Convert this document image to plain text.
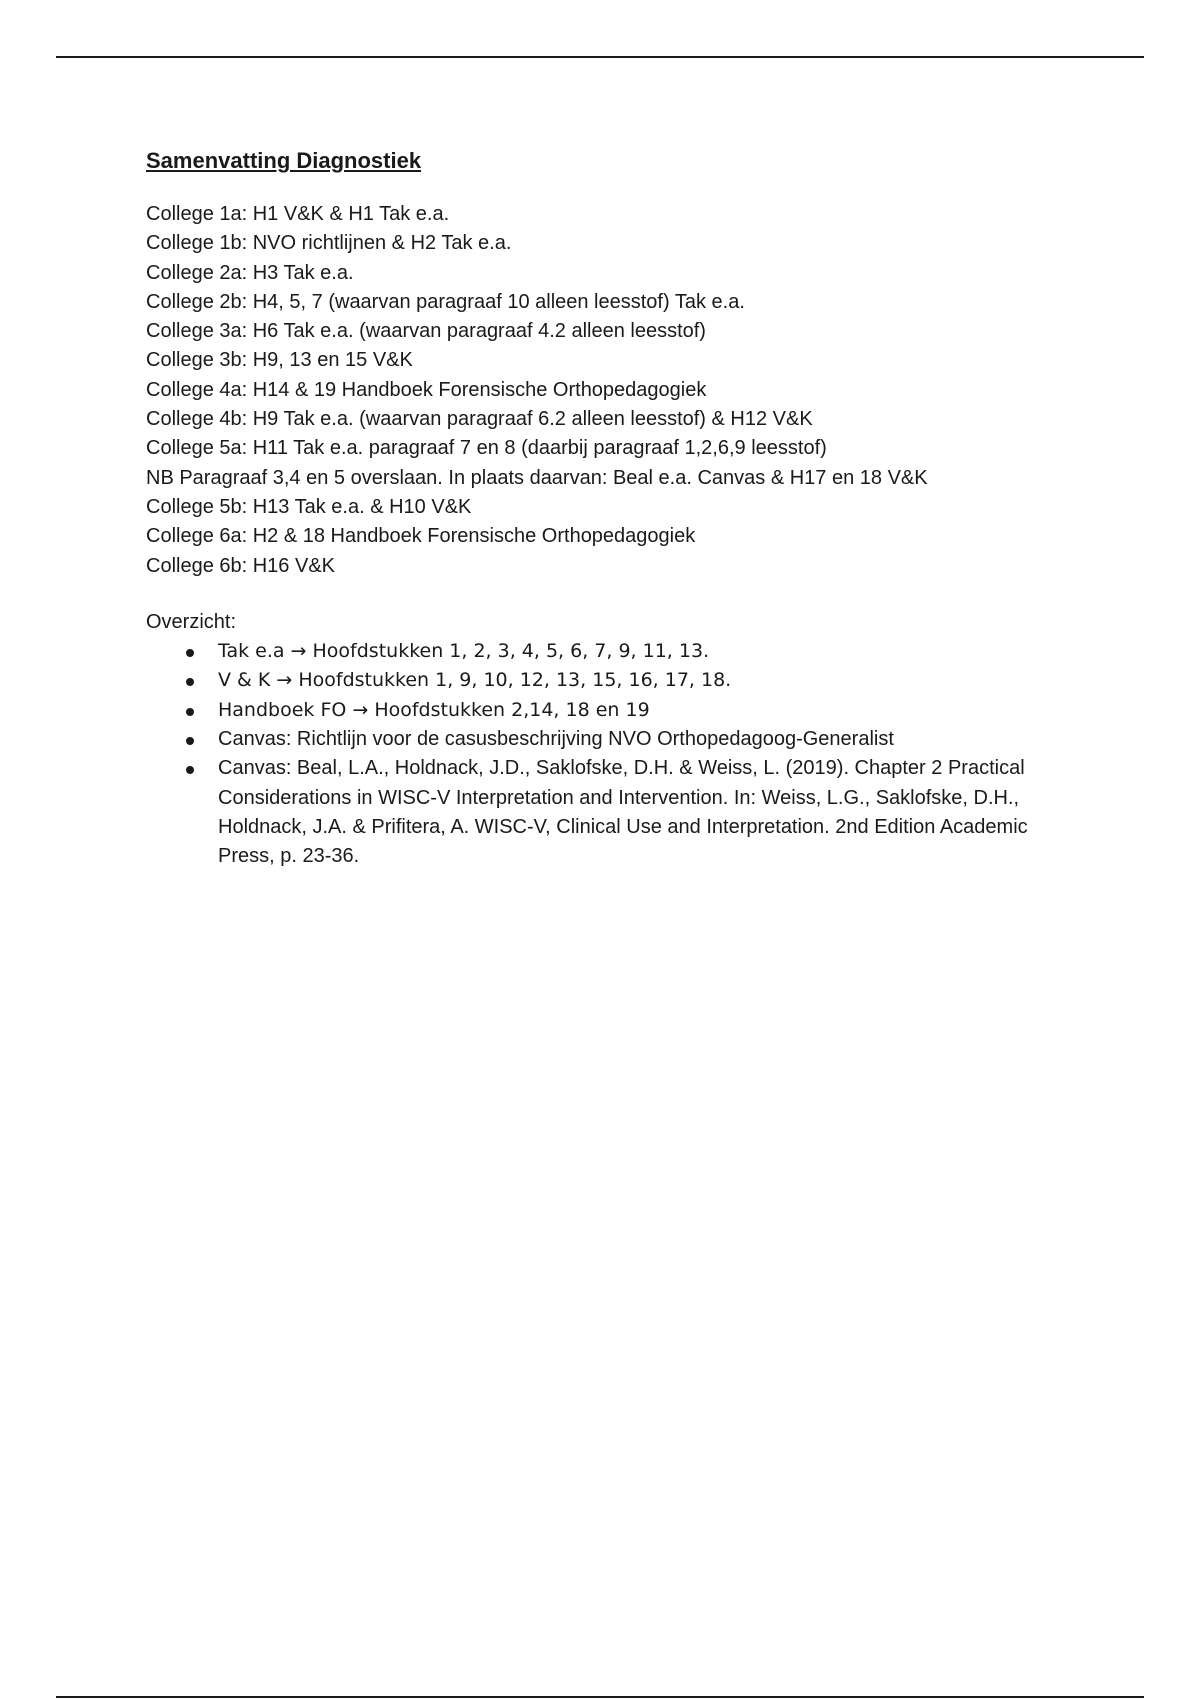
Samenvatting Diagnostiek
College 1a: H1 V&K & H1 Tak e.a.
College 1b: NVO richtlijnen & H2 Tak e.a.
College 2a: H3 Tak e.a.
College 2b: H4, 5, 7 (waarvan paragraaf 10 alleen leesstof) Tak e.a.
College 3a: H6 Tak e.a. (waarvan paragraaf 4.2 alleen leesstof)
College 3b: H9, 13 en 15 V&K
College 4a: H14 & 19 Handboek Forensische Orthopedagogiek
College 4b: H9 Tak e.a. (waarvan paragraaf 6.2 alleen leesstof) & H12 V&K
College 5a: H11 Tak e.a. paragraaf 7 en 8 (daarbij paragraaf 1,2,6,9 leesstof)
NB Paragraaf 3,4 en 5 overslaan. In plaats daarvan: Beal e.a. Canvas & H17 en 18 V&K
College 5b: H13 Tak e.a. & H10 V&K
College 6a: H2 & 18 Handboek Forensische Orthopedagogiek
College 6b: H16 V&K

Overzicht:

Tak e.a → Hoofdstukken 1, 2, 3, 4, 5, 6, 7, 9, 11, 13.
V & K → Hoofdstukken 1, 9, 10, 12, 13, 15, 16, 17, 18.
Handboek FO → Hoofdstukken 2,14, 18 en 19
Canvas: Richtlijn voor de casusbeschrijving NVO Orthopedagoog-Generalist
Canvas: Beal, L.A., Holdnack, J.D., Saklofske, D.H. & Weiss, L. (2019). Chapter 2 Practical Considerations in WISC-V Interpretation and Intervention. In: Weiss, L.G., Saklofske, D.H., Holdnack, J.A. & Prifitera, A. WISC-V, Clinical Use and Interpretation. 2nd Edition Academic Press, p. 23-36.
